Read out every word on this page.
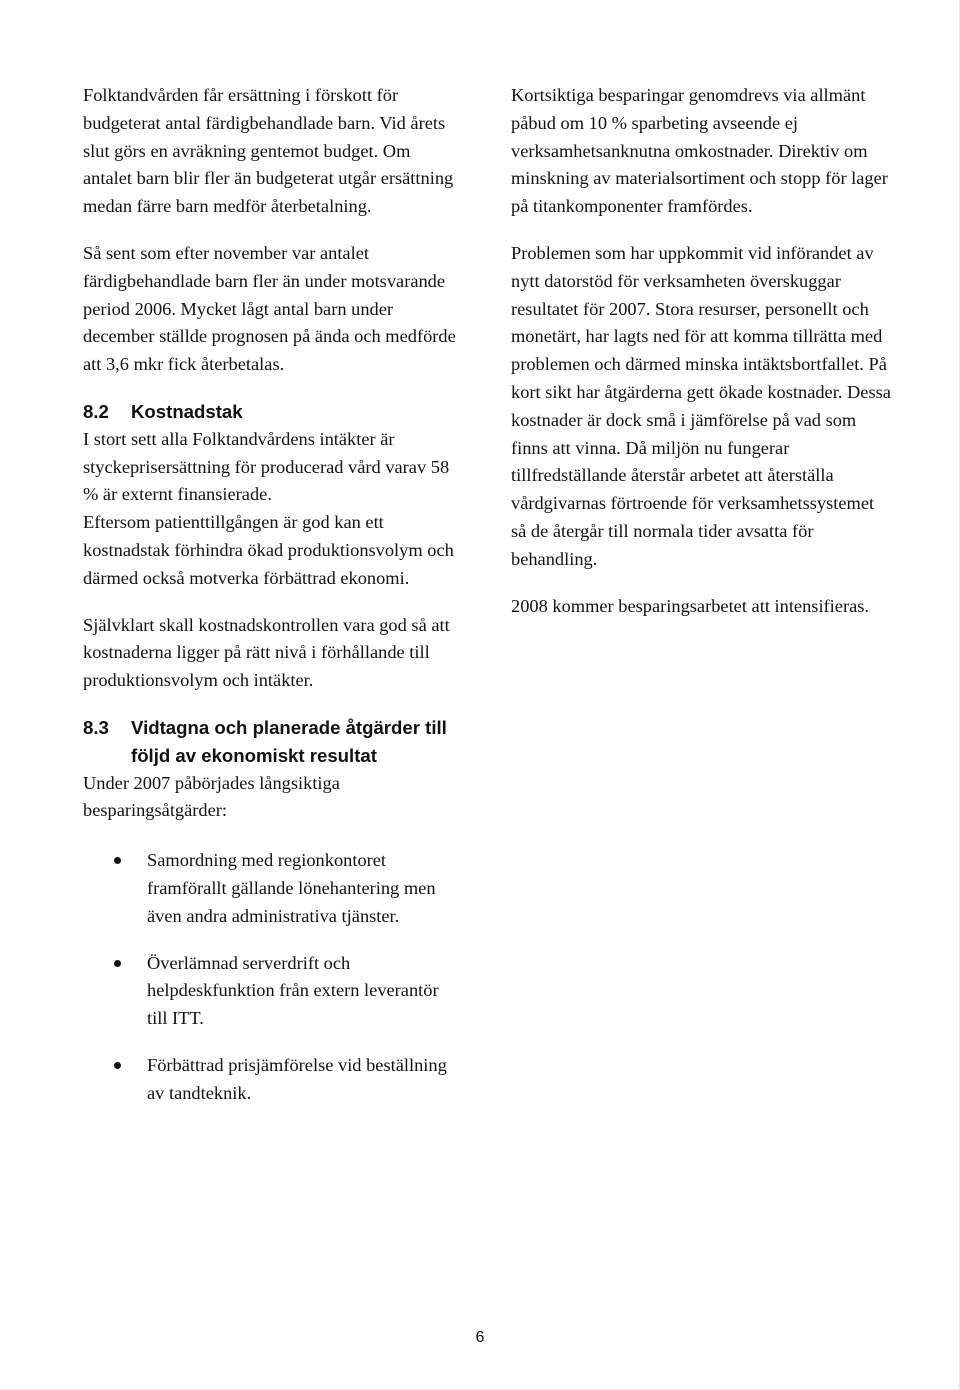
Folktandvården får ersättning i förskott för budgeterat antal färdigbehandlade barn. Vid årets slut görs en avräkning gentemot budget. Om antalet barn blir fler än budgeterat utgår ersättning medan färre barn medför återbetalning.

Så sent som efter november var antalet färdigbehandlade barn fler än under motsvarande period 2006. Mycket lågt antal barn under december ställde prognosen på ända och medförde att 3,6 mkr fick återbetalas.

8.2	Kostnadstak

I stort sett alla Folktandvårdens intäkter är styckeprisersättning för producerad vård varav 58 % är externt finansierade.

Eftersom patienttillgången är god kan ett kostnadstak förhindra ökad produktionsvolym och därmed också motverka förbättrad ekonomi.

Självklart skall kostnadskontrollen vara god så att kostnaderna ligger på rätt nivå i förhållande till produktionsvolym och intäkter.

8.3	Vidtagna och planerade åtgärder till följd av ekonomiskt resultat

Under 2007 påbörjades långsiktiga besparingsåtgärder:

Samordning med regionkontoret framförallt gällande lönehantering men även andra administrativa tjänster.
Överlämnad serverdrift och helpdeskfunktion från extern leverantör till ITT.
Förbättrad prisjämförelse vid beställning av tandteknik.

Kortsiktiga besparingar genomdrevs via allmänt påbud om 10 % sparbeting avseende ej verksamhetsanknutna omkostnader. Direktiv om minskning av materialsortiment och stopp för lager på titankomponenter framfördes.

Problemen som har uppkommit vid införandet av nytt datorstöd för verksamheten överskuggar resultatet för 2007. Stora resurser, personellt och monetärt, har lagts ned för att komma tillrätta med problemen och därmed minska intäktsbortfallet. På kort sikt har åtgärderna gett ökade kostnader. Dessa kostnader är dock små i jämförelse på vad som finns att vinna. Då miljön nu fungerar tillfredställande återstår arbetet att återställa vårdgivarnas förtroende för verksamhetssystemet så de återgår till normala tider avsatta för behandling.

2008 kommer besparingsarbetet att intensifieras.

6
